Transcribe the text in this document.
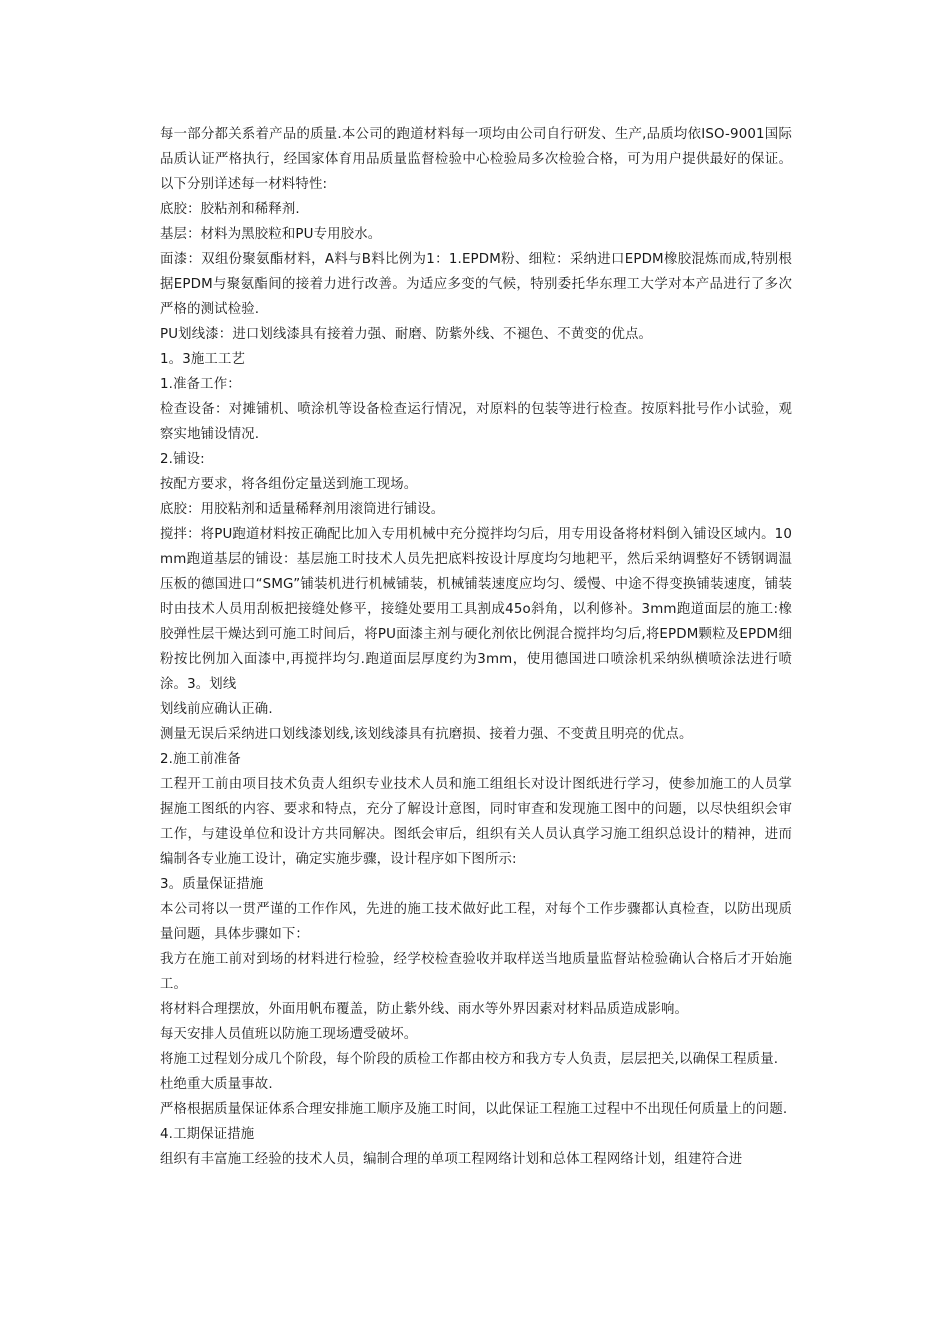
每一部分都关系着产品的质量.本公司的跑道材料每一项均由公司自行研发、生产,品质均依ISO-9001国际品质认证严格执行，经国家体育用品质量监督检验中心检验局多次检验合格，可为用户提供最好的保证。以下分别详述每一材料特性:

底胶：胶粘剂和稀释剂.

基层：材料为黑胶粒和PU专用胶水。

面漆：双组份聚氨酯材料，A料与B料比例为1：1.EPDM粉、细粒：采纳进口EPDM橡胶混炼而成,特别根据EPDM与聚氨酯间的接着力进行改善。为适应多变的气候，特别委托华东理工大学对本产品进行了多次严格的测试检验.

PU划线漆：进口划线漆具有接着力强、耐磨、防紫外线、不褪色、不黄变的优点。

1。3施工工艺

1.准备工作：

检查设备：对摊铺机、喷涂机等设备检查运行情况，对原料的包装等进行检查。按原料批号作小试验，观察实地铺设情况.

2.铺设:

按配方要求，将各组份定量送到施工现场。

底胶：用胶粘剂和适量稀释剂用滚筒进行铺设。

搅拌：将PU跑道材料按正确配比加入专用机械中充分搅拌均匀后，用专用设备将材料倒入铺设区域内。10mm跑道基层的铺设：基层施工时技术人员先把底料按设计厚度均匀地耙平，然后采纳调整好不锈钢调温压板的德国进口“SMG”铺装机进行机械铺装，机械铺装速度应均匀、缓慢、中途不得变换铺装速度，铺装时由技术人员用刮板把接缝处修平，接缝处要用工具割成45o斜角，以利修补。3mm跑道面层的施工:橡胶弹性层干燥达到可施工时间后，将PU面漆主剂与硬化剂依比例混合搅拌均匀后,将EPDM颗粒及EPDM细粉按比例加入面漆中,再搅拌均匀.跑道面层厚度约为3mm，使用德国进口喷涂机采纳纵横喷涂法进行喷涂。3。划线

划线前应确认正确.

测量无误后采纳进口划线漆划线,该划线漆具有抗磨损、接着力强、不变黄且明亮的优点。

2.施工前准备

工程开工前由项目技术负责人组织专业技术人员和施工组组长对设计图纸进行学习，使参加施工的人员掌握施工图纸的内容、要求和特点，充分了解设计意图，同时审查和发现施工图中的问题，以尽快组织会审工作，与建设单位和设计方共同解决。图纸会审后，组织有关人员认真学习施工组织总设计的精神，进而编制各专业施工设计，确定实施步骤，设计程序如下图所示:

3。质量保证措施

本公司将以一贯严谨的工作作风，先进的施工技术做好此工程，对每个工作步骤都认真检查，以防出现质量问题，具体步骤如下：

我方在施工前对到场的材料进行检验，经学校检查验收并取样送当地质量监督站检验确认合格后才开始施工。

将材料合理摆放，外面用帆布覆盖，防止紫外线、雨水等外界因素对材料品质造成影响。

每天安排人员值班以防施工现场遭受破坏。

将施工过程划分成几个阶段，每个阶段的质检工作都由校方和我方专人负责，层层把关,以确保工程质量.

杜绝重大质量事故.

严格根据质量保证体系合理安排施工顺序及施工时间，以此保证工程施工过程中不出现任何质量上的问题.

4.工期保证措施

组织有丰富施工经验的技术人员，编制合理的单项工程网络计划和总体工程网络计划，组建符合进
